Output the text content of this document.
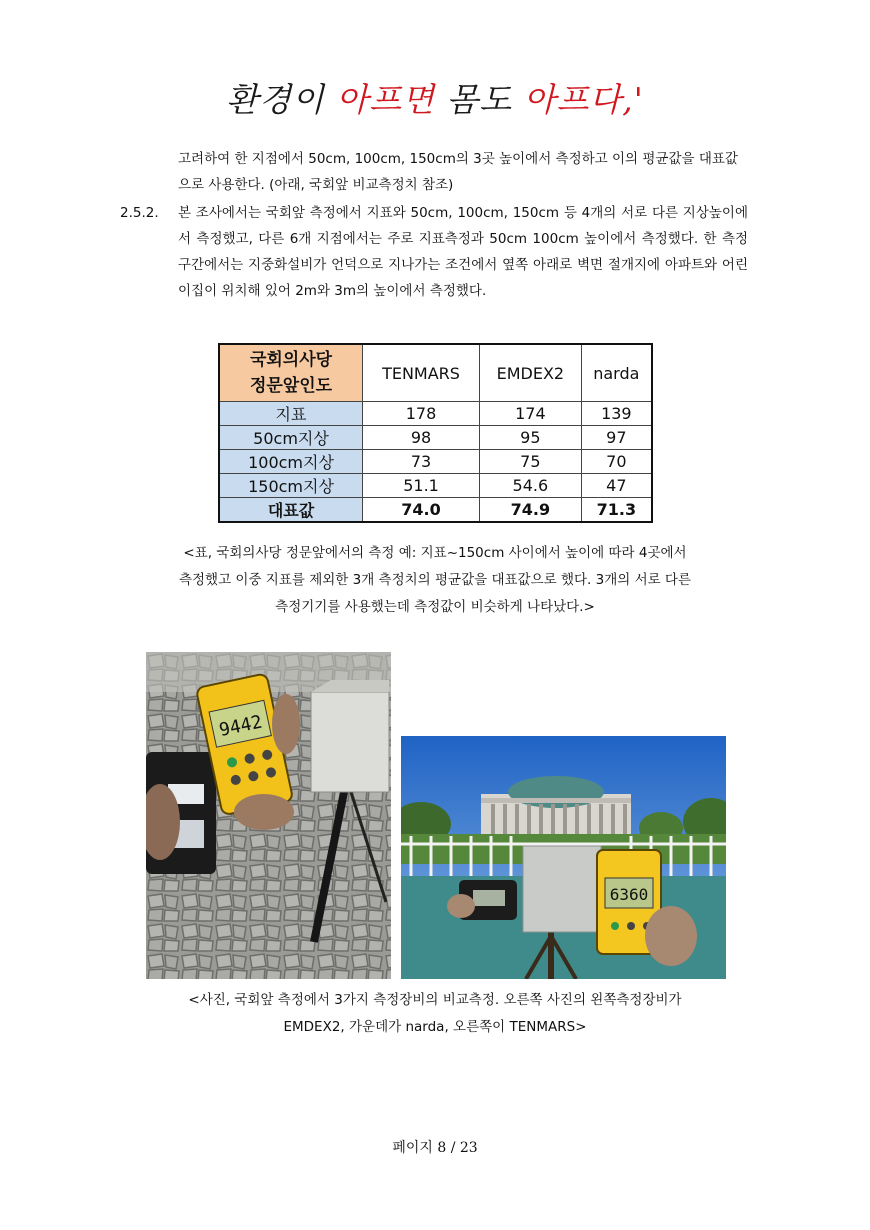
환경이 아프면 몸도 아프다,'
고려하여 한 지점에서 50cm, 100cm, 150cm의 3곳 높이에서 측정하고 이의 평균값을 대표값으로 사용한다. (아래, 국회앞 비교측정치 참조)
2.5.2. 본 조사에서는 국회앞 측정에서 지표와 50cm, 100cm, 150cm 등 4개의 서로 다른 지상높이에서 측정했고, 다른 6개 지점에서는 주로 지표측정과 50cm 100cm 높이에서 측정했다. 한 측정구간에서는 지중화설비가 언덕으로 지나가는 조건에서 옆쪽 아래로 벽면 절개지에 아파트와 어린이집이 위치해 있어 2m와 3m의 높이에서 측정했다.
국회의사당
정문앞인도	TENMARS	EMDEX2	narda
지표	178	174	139
50cm지상	98	95	97
100cm지상	73	75	70
150cm지상	51.1	54.6	47
대표값	74.0	74.9	71.3
<표, 국회의사당 정문앞에서의 측정 예: 지표~150cm 사이에서 높이에 따라 4곳에서
측정했고 이중 지표를 제외한 3개 측정치의 평균값을 대표값으로 했다. 3개의 서로 다른
측정기기를 사용했는데 측정값이 비슷하게 나타났다.>
9442
6360
<사진, 국회앞 측정에서 3가지 측정장비의 비교측정. 오른쪽 사진의 왼쪽측정장비가
EMDEX2, 가운데가 narda, 오른쪽이 TENMARS>
페이지 8 / 23
